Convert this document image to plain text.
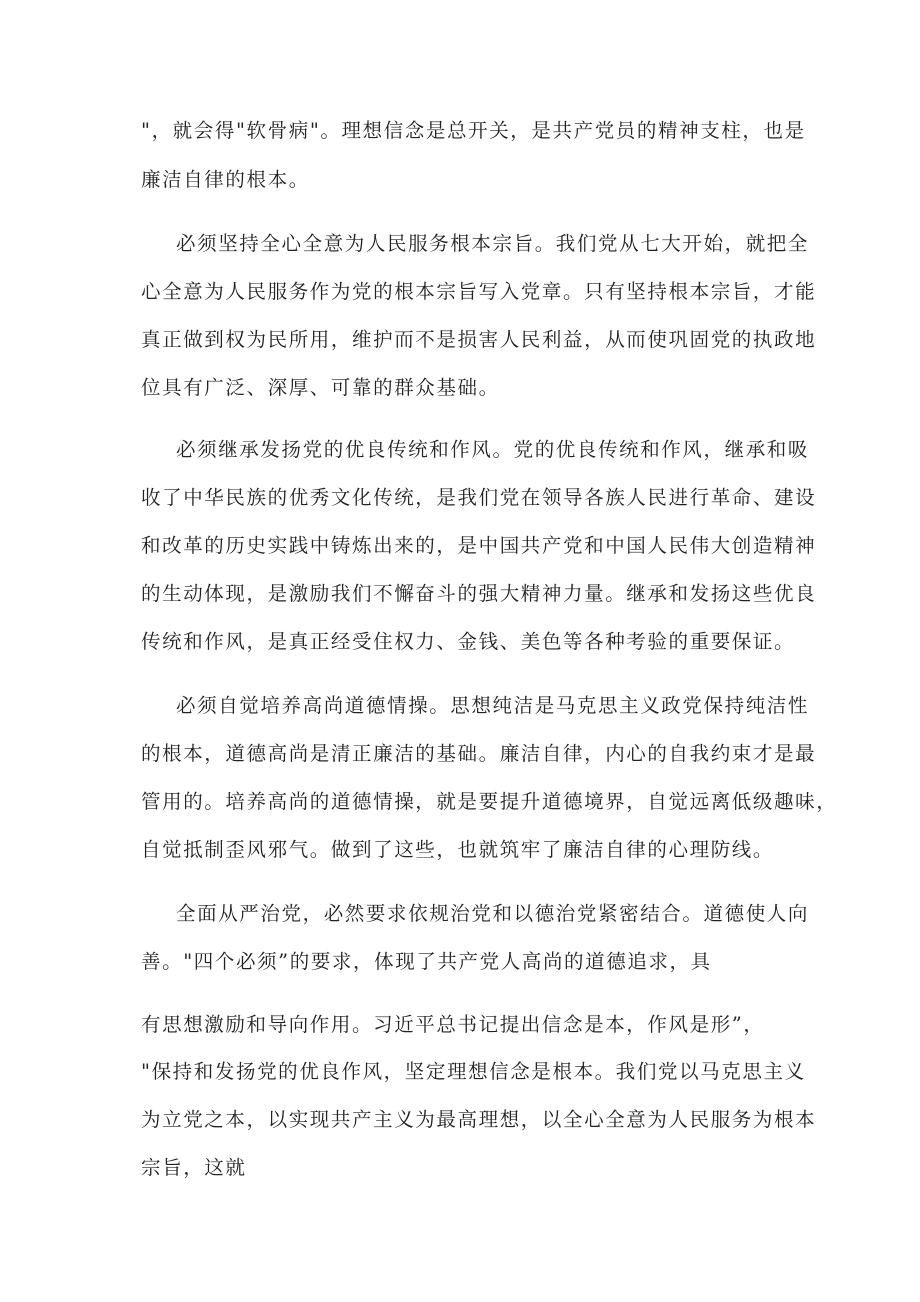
"，就会得"软骨病"。理想信念是总开关，是共产党员的精神支柱，也是
廉洁自律的根本。
必须坚持全心全意为人民服务根本宗旨。我们党从七大开始，就把全
心全意为人民服务作为党的根本宗旨写入党章。只有坚持根本宗旨，才能
真正做到权为民所用，维护而不是损害人民利益，从而使巩固党的执政地
位具有广泛、深厚、可靠的群众基础。
必须继承发扬党的优良传统和作风。党的优良传统和作风，继承和吸
收了中华民族的优秀文化传统，是我们党在领导各族人民进行革命、建设
和改革的历史实践中铸炼出来的，是中国共产党和中国人民伟大创造精神
的生动体现，是激励我们不懈奋斗的强大精神力量。继承和发扬这些优良
传统和作风，是真正经受住权力、金钱、美色等各种考验的重要保证。
必须自觉培养高尚道德情操。思想纯洁是马克思主义政党保持纯洁性
的根本，道德高尚是清正廉洁的基础。廉洁自律，内心的自我约束才是最
管用的。培养高尚的道德情操，就是要提升道德境界，自觉远离低级趣味，
自觉抵制歪风邪气。做到了这些，也就筑牢了廉洁自律的心理防线。
全面从严治党，必然要求依规治党和以德治党紧密结合。道德使人向
善。"四个必须”的要求，体现了共产党人高尚的道德追求，具
有思想激励和导向作用。习近平总书记提出信念是本，作风是形”，
"保持和发扬党的优良作风，坚定理想信念是根本。我们党以马克思主义
为立党之本，以实现共产主义为最高理想，以全心全意为人民服务为根本
宗旨，这就
